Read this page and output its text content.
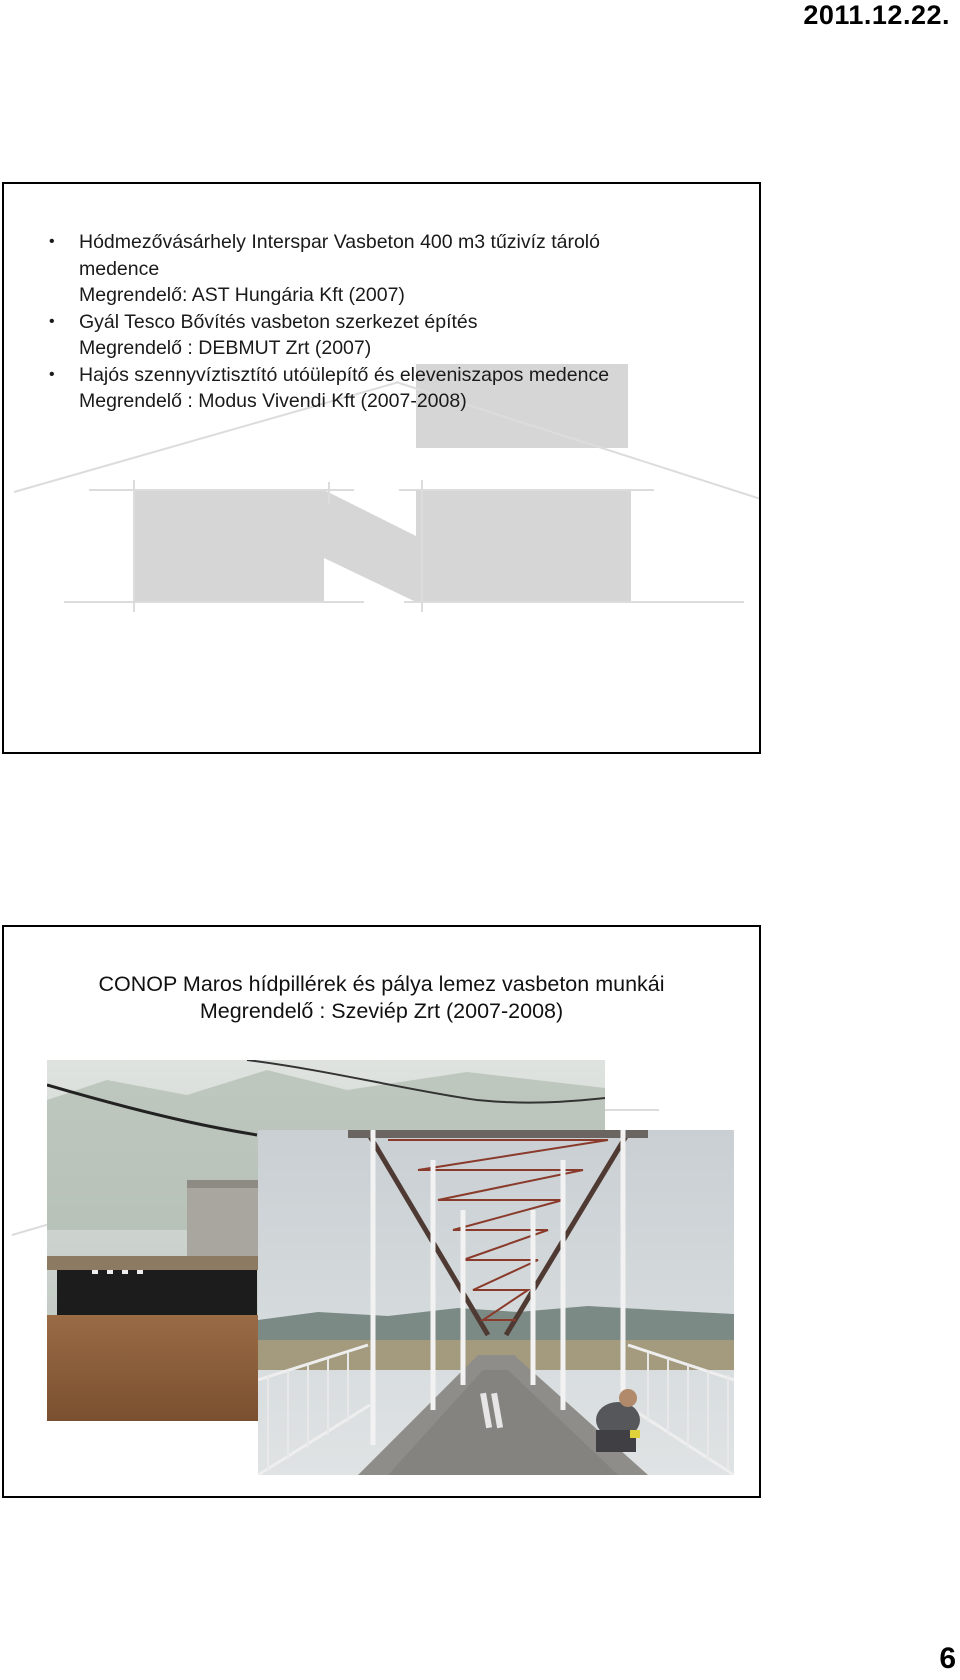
2011.12.22.
• Hódmezővásárhely Interspar Vasbeton 400 m3 tűzivíz tároló
medence
Megrendelő: AST Hungária Kft (2007)
• Gyál Tesco Bővítés vasbeton szerkezet építés
Megrendelő : DEBMUT Zrt (2007)
• Hajós szennyvíztisztító utóülepítő és eleveniszapos medence
Megrendelő : Modus Vivendi Kft (2007-2008)
CONOP Maros hídpillérek és pálya lemez vasbeton munkái
Megrendelő : Szeviép Zrt (2007-2008)
6
